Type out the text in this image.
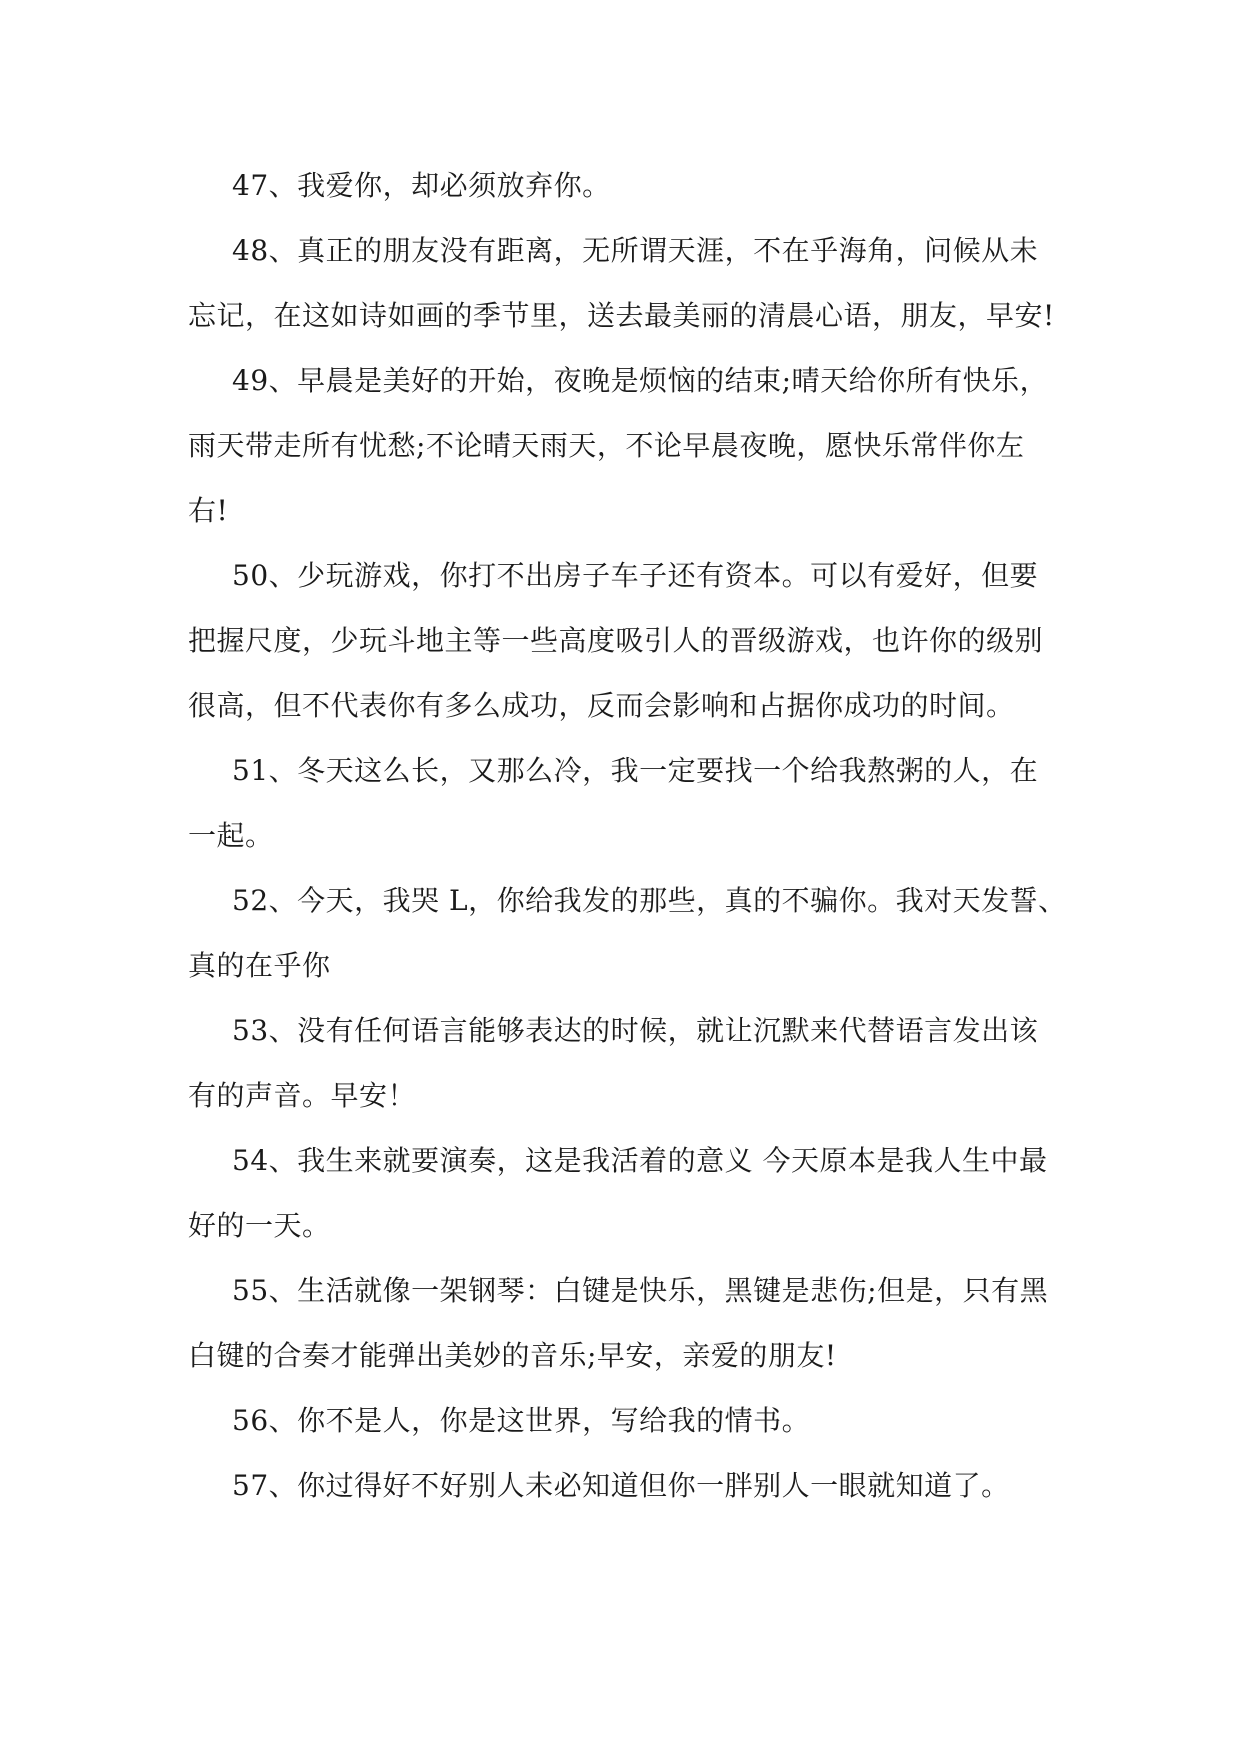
47、我爱你，却必须放弃你。
48、真正的朋友没有距离，无所谓天涯，不在乎海角，问候从未
忘记，在这如诗如画的季节里，送去最美丽的清晨心语，朋友，早安!
49、早晨是美好的开始，夜晚是烦恼的结束;晴天给你所有快乐，
雨天带走所有忧愁;不论晴天雨天，不论早晨夜晚，愿快乐常伴你左
右!
50、少玩游戏，你打不出房子车子还有资本。可以有爱好，但要
把握尺度，少玩斗地主等一些高度吸引人的晋级游戏，也许你的级别
很高，但不代表你有多么成功，反而会影响和占据你成功的时间。
51、冬天这么长，又那么冷，我一定要找一个给我熬粥的人，在
一起。
52、今天，我哭 L，你给我发的那些，真的不骗你。我对天发誓、
真的在乎你
53、没有任何语言能够表达的时候，就让沉默来代替语言发出该
有的声音。早安！
54、我生来就要演奏，这是我活着的意义 今天原本是我人生中最
好的一天。
55、生活就像一架钢琴：白键是快乐，黑键是悲伤;但是，只有黑
白键的合奏才能弹出美妙的音乐;早安，亲爱的朋友!
56、你不是人，你是这世界，写给我的情书。
57、你过得好不好别人未必知道但你一胖别人一眼就知道了。
